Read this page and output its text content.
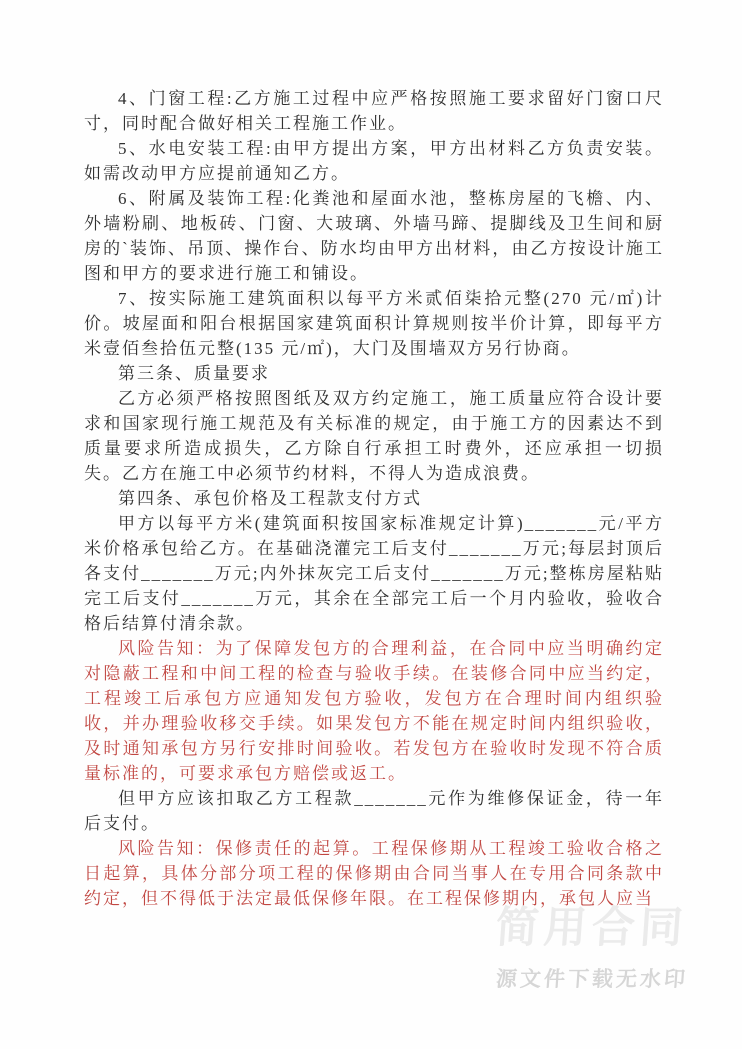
4、门窗工程:乙方施工过程中应严格按照施工要求留好门窗口尺寸，同时配合做好相关工程施工作业。

5、水电安装工程:由甲方提出方案，甲方出材料乙方负责安装。如需改动甲方应提前通知乙方。

6、附属及装饰工程:化粪池和屋面水池，整栋房屋的飞檐、内、外墙粉刷、地板砖、门窗、大玻璃、外墙马蹄、提脚线及卫生间和厨房的`装饰、吊顶、操作台、防水均由甲方出材料，由乙方按设计施工图和甲方的要求进行施工和铺设。

7、按实际施工建筑面积以每平方米贰佰柒拾元整(270 元/㎡)计价。坡屋面和阳台根据国家建筑面积计算规则按半价计算，即每平方米壹佰叁拾伍元整(135 元/㎡)，大门及围墙双方另行协商。

第三条、质量要求

乙方必须严格按照图纸及双方约定施工，施工质量应符合设计要求和国家现行施工规范及有关标准的规定，由于施工方的因素达不到质量要求所造成损失，乙方除自行承担工时费外，还应承担一切损失。乙方在施工中必须节约材料，不得人为造成浪费。

第四条、承包价格及工程款支付方式

甲方以每平方米(建筑面积按国家标准规定计算)_______元/平方米价格承包给乙方。在基础浇灌完工后支付_______万元;每层封顶后各支付_______万元;内外抹灰完工后支付_______万元;整栋房屋粘贴完工后支付_______万元，其余在全部完工后一个月内验收，验收合格后结算付清余款。

风险告知：为了保障发包方的合理利益，在合同中应当明确约定对隐蔽工程和中间工程的检查与验收手续。在装修合同中应当约定，工程竣工后承包方应通知发包方验收，发包方在合理时间内组织验收，并办理验收移交手续。如果发包方不能在规定时间内组织验收，及时通知承包方另行安排时间验收。若发包方在验收时发现不符合质量标准的，可要求承包方赔偿或返工。

但甲方应该扣取乙方工程款_______元作为维修保证金，待一年后支付。

风险告知：保修责任的起算。工程保修期从工程竣工验收合格之日起算，具体分部分项工程的保修期由合同当事人在专用合同条款中约定，但不得低于法定最低保修年限。在工程保修期内，承包人应当

简用合同
源文件下载无水印
